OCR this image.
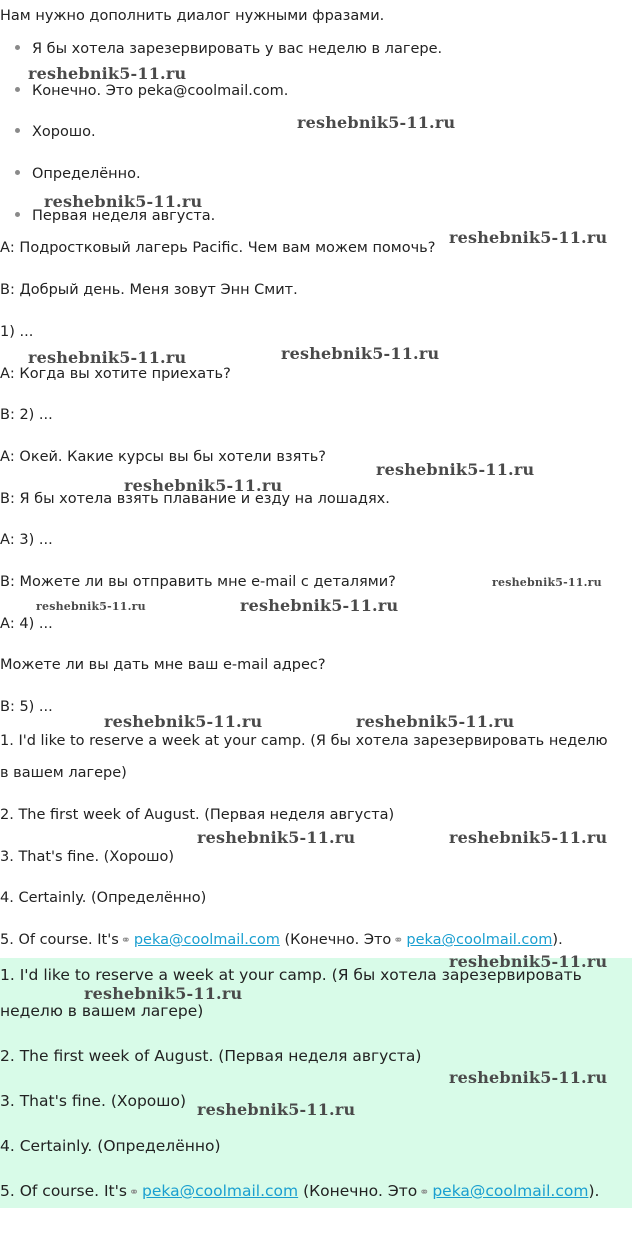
Нам нужно дополнить диалог нужными фразами.
Я бы хотела зарезервировать у вас неделю в лагере.
Конечно. Это peka@coolmail.com.
Хорошо.
Определённо.
Первая неделя августа.
А: Подростковый лагерь Pacific. Чем вам можем помочь?
В: Добрый день. Меня зовут Энн Смит.
1) ...
А: Когда вы хотите приехать?
В: 2) ...
А: Окей. Какие курсы вы бы хотели взять?
В: Я бы хотела взять плавание и езду на лошадях.
А: 3) ...
В: Можете ли вы отправить мне e-mail с деталями?
А: 4) ...
Можете ли вы дать мне ваш e-mail адрес?
В: 5) ...
1. I'd like to reserve a week at your camp. (Я бы хотела зарезервировать неделю
в вашем лагере)
2. The first week of August. (Первая неделя августа)
3. That's fine. (Хорошо)
4. Certainly. (Определённо)
5. Of course. It's ⚭ peka@coolmail.com (Конечно. Это ⚭ peka@coolmail.com).
1. I'd like to reserve a week at your camp. (Я бы хотела зарезервировать
неделю в вашем лагере)
2. The first week of August. (Первая неделя августа)
3. That's fine. (Хорошо)
4. Certainly. (Определённо)
5. Of course. It's ⚭ peka@coolmail.com (Конечно. Это ⚭ peka@coolmail.com).
reshebnik5-11.ru
reshebnik5-11.ru
reshebnik5-11.ru
reshebnik5-11.ru
reshebnik5-11.ru	reshebnik5-11.ru
reshebnik5-11.ru
reshebnik5-11.ru
reshebnik5-11.ru
reshebnik5-11.ru	reshebnik5-11.ru
reshebnik5-11.ru	reshebnik5-11.ru
reshebnik5-11.ru	reshebnik5-11.ru
reshebnik5-11.ru
reshebnik5-11.ru
reshebnik5-11.ru
reshebnik5-11.ru
